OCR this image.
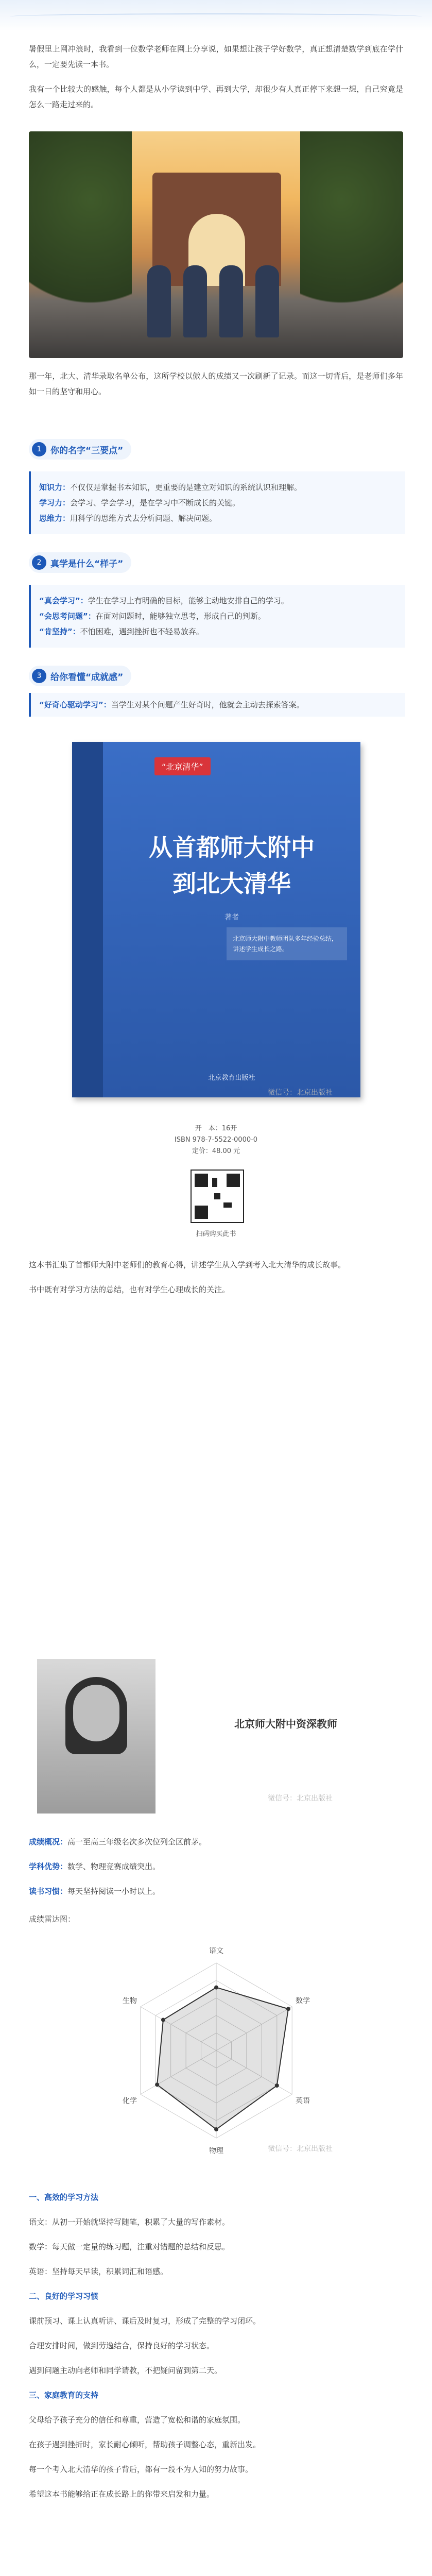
暑假里上网冲浪时，我看到一位数学老师在网上分享说，如果想让孩子学好数学，真正想清楚数学到底在学什么，一定要先读一本书。

我有一个比较大的感触，每个人都是从小学读到中学、再到大学，却很少有人真正停下来想一想，自己究竟是怎么一路走过来的。

那一年，北大、清华录取名单公布，这所学校以傲人的成绩又一次刷新了记录。而这一切背后，是老师们多年如一日的坚守和用心。

1	你的名字“三要点”
知识力：不仅仅是掌握书本知识，更重要的是建立对知识的系统认识和理解。
学习力：会学习、学会学习，是在学习中不断成长的关键。
思维力：用科学的思维方式去分析问题、解决问题。
2	真学是什么“样子”
“真会学习”：学生在学习上有明确的目标，能够主动地安排自己的学习。
“会思考问题”：在面对问题时，能够独立思考，形成自己的判断。
“肯坚持”：不怕困难，遇到挫折也不轻易放弃。
3	给你看懂“成就感”
“好奇心驱动学习”：当学生对某个问题产生好奇时，他就会主动去探索答案。
“北京清华”
从首都师大附中
到北大清华
著者
北京师大附中教师团队多年经验总结，讲述学生成长之路。
北京教育出版社
微信号：北京出版社
开　本：16开
ISBN 978-7-5522-0000-0
定价：48.00 元
扫码购买此书

这本书汇集了首都师大附中老师们的教育心得，讲述学生从入学到考入北大清华的成长故事。

书中既有对学习方法的总结，也有对学生心理成长的关注。

北京师大附中资深教师
微信号：北京出版社

成绩概况：高一至高三年级名次多次位列全区前茅。

学科优势：数学、物理竞赛成绩突出。

读书习惯：每天坚持阅读一小时以上。

成绩雷达图：
语文
数学
英语
物理
化学
生物
微信号：北京出版社

一、高效的学习方法

语文：从初一开始就坚持写随笔，积累了大量的写作素材。

数学：每天做一定量的练习题，注重对错题的总结和反思。

英语：坚持每天早读，积累词汇和语感。

二、良好的学习习惯

课前预习、课上认真听讲、课后及时复习，形成了完整的学习闭环。

合理安排时间，做到劳逸结合，保持良好的学习状态。

遇到问题主动向老师和同学请教，不把疑问留到第二天。

三、家庭教育的支持

父母给予孩子充分的信任和尊重，营造了宽松和谐的家庭氛围。

在孩子遇到挫折时，家长耐心倾听，帮助孩子调整心态，重新出发。

每一个考入北大清华的孩子背后，都有一段不为人知的努力故事。

希望这本书能够给正在成长路上的你带来启发和力量。
